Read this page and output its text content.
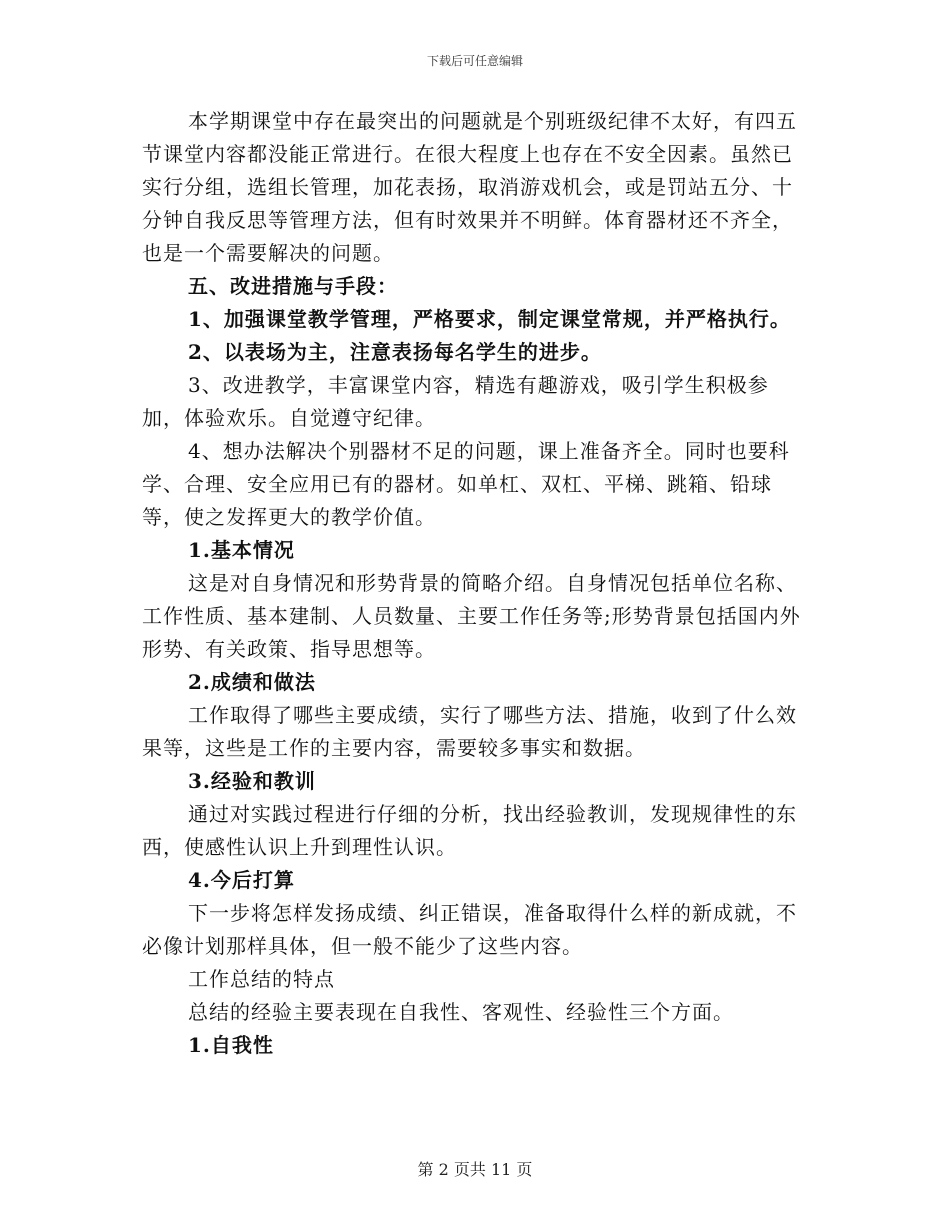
下载后可任意编辑

本学期课堂中存在最突出的问题就是个别班级纪律不太好，有四五节课堂内容都没能正常进行。在很大程度上也存在不安全因素。虽然已实行分组，选组长管理，加花表扬，取消游戏机会，或是罚站五分、十分钟自我反思等管理方法，但有时效果并不明鲜。体育器材还不齐全，也是一个需要解决的问题。

五、改进措施与手段：

1、加强课堂教学管理，严格要求，制定课堂常规，并严格执行。

2、以表场为主，注意表扬每名学生的进步。

3、改进教学，丰富课堂内容，精选有趣游戏，吸引学生积极参加，体验欢乐。自觉遵守纪律。

4、想办法解决个别器材不足的问题，课上准备齐全。同时也要科学、合理、安全应用已有的器材。如单杠、双杠、平梯、跳箱、铅球等，使之发挥更大的教学价值。

1.基本情况

这是对自身情况和形势背景的简略介绍。自身情况包括单位名称、工作性质、基本建制、人员数量、主要工作任务等;形势背景包括国内外形势、有关政策、指导思想等。

2.成绩和做法

工作取得了哪些主要成绩，实行了哪些方法、措施，收到了什么效果等，这些是工作的主要内容，需要较多事实和数据。

3.经验和教训

通过对实践过程进行仔细的分析，找出经验教训，发现规律性的东西，使感性认识上升到理性认识。

4.今后打算

下一步将怎样发扬成绩、纠正错误，准备取得什么样的新成就，不必像计划那样具体，但一般不能少了这些内容。

工作总结的特点

总结的经验主要表现在自我性、客观性、经验性三个方面。

1.自我性

第 2 页共 11 页
